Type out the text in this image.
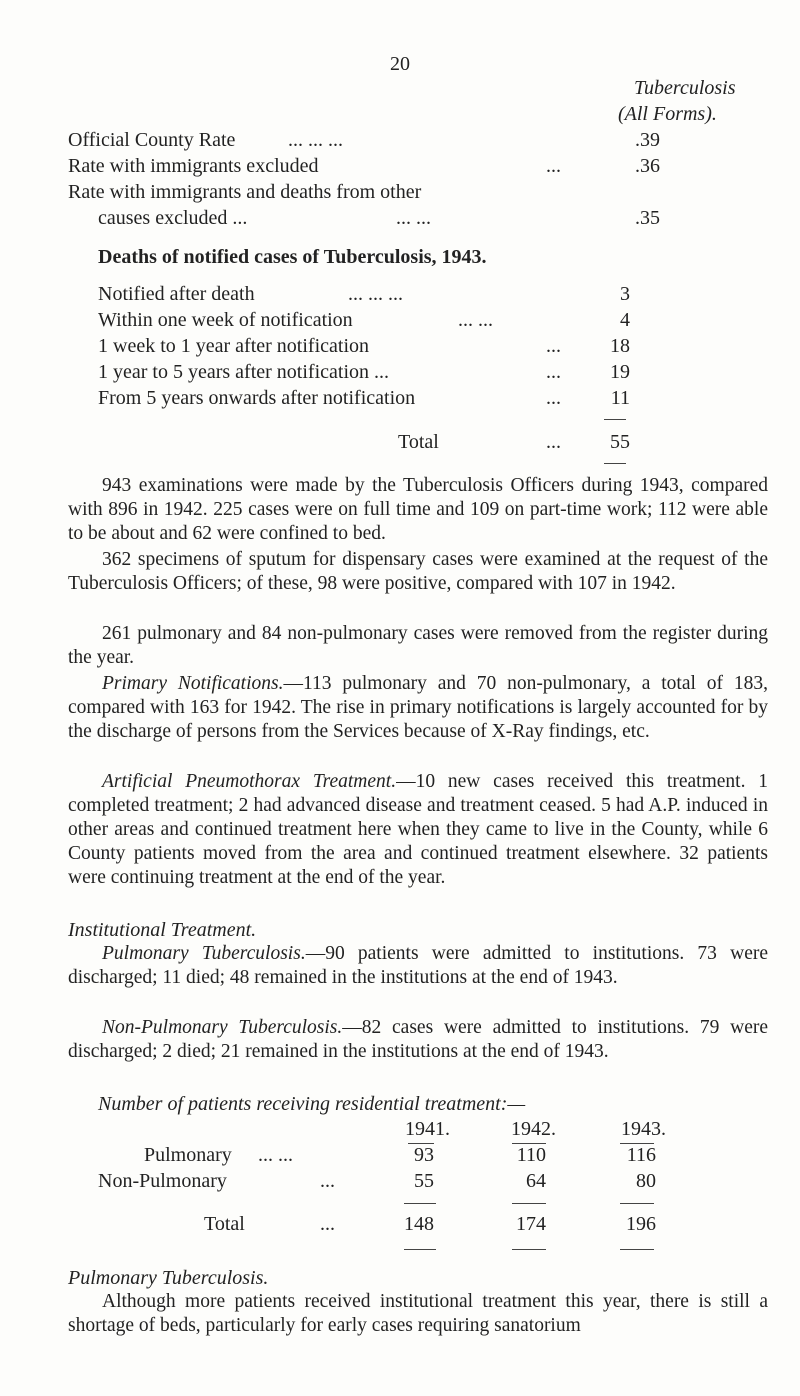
20
Tuberculosis
(All Forms).
Official County Rate	... ... ...	.39
Rate with immigrants excluded	...	.36
Rate with immigrants and deaths from other
causes excluded ...	... ...	.35
Deaths of notified cases of Tuberculosis, 1943.
Notified after death	... ... ...	3
Within one week of notification	... ...	4
1 week to 1 year after notification	...	18
1 year to 5 years after notification ...	...	19
From 5 years onwards after notification	...	11
Total	...	55
943 examinations were made by the Tuberculosis Officers during 1943, compared with 896 in 1942. 225 cases were on full time and 109 on part-time work; 112 were able to be about and 62 were confined to bed.
362 specimens of sputum for dispensary cases were examined at the request of the Tuberculosis Officers; of these, 98 were positive, compared with 107 in 1942.
261 pulmonary and 84 non-pulmonary cases were removed from the register during the year.
Primary Notifications.—113 pulmonary and 70 non-pulmonary, a total of 183, compared with 163 for 1942. The rise in primary notifications is largely accounted for by the discharge of persons from the Services because of X-Ray findings, etc.
Artificial Pneumothorax Treatment.—10 new cases received this treatment. 1 completed treatment; 2 had advanced disease and treatment ceased. 5 had A.P. induced in other areas and continued treatment here when they came to live in the County, while 6 County patients moved from the area and continued treatment elsewhere. 32 patients were continuing treatment at the end of the year.
Institutional Treatment.
Pulmonary Tuberculosis.—90 patients were admitted to institutions. 73 were discharged; 11 died; 48 remained in the institutions at the end of 1943.
Non-Pulmonary Tuberculosis.—82 cases were admitted to institutions. 79 were discharged; 2 died; 21 remained in the institutions at the end of 1943.
Number of patients receiving residential treatment:—
1941.	1942.	1943.
Pulmonary ... ...	93	110	116
Non-Pulmonary	...	55	64	80
Total	...	148	174	196
Pulmonary Tuberculosis.
Although more patients received institutional treatment this year, there is still a shortage of beds, particularly for early cases requiring sanatorium
